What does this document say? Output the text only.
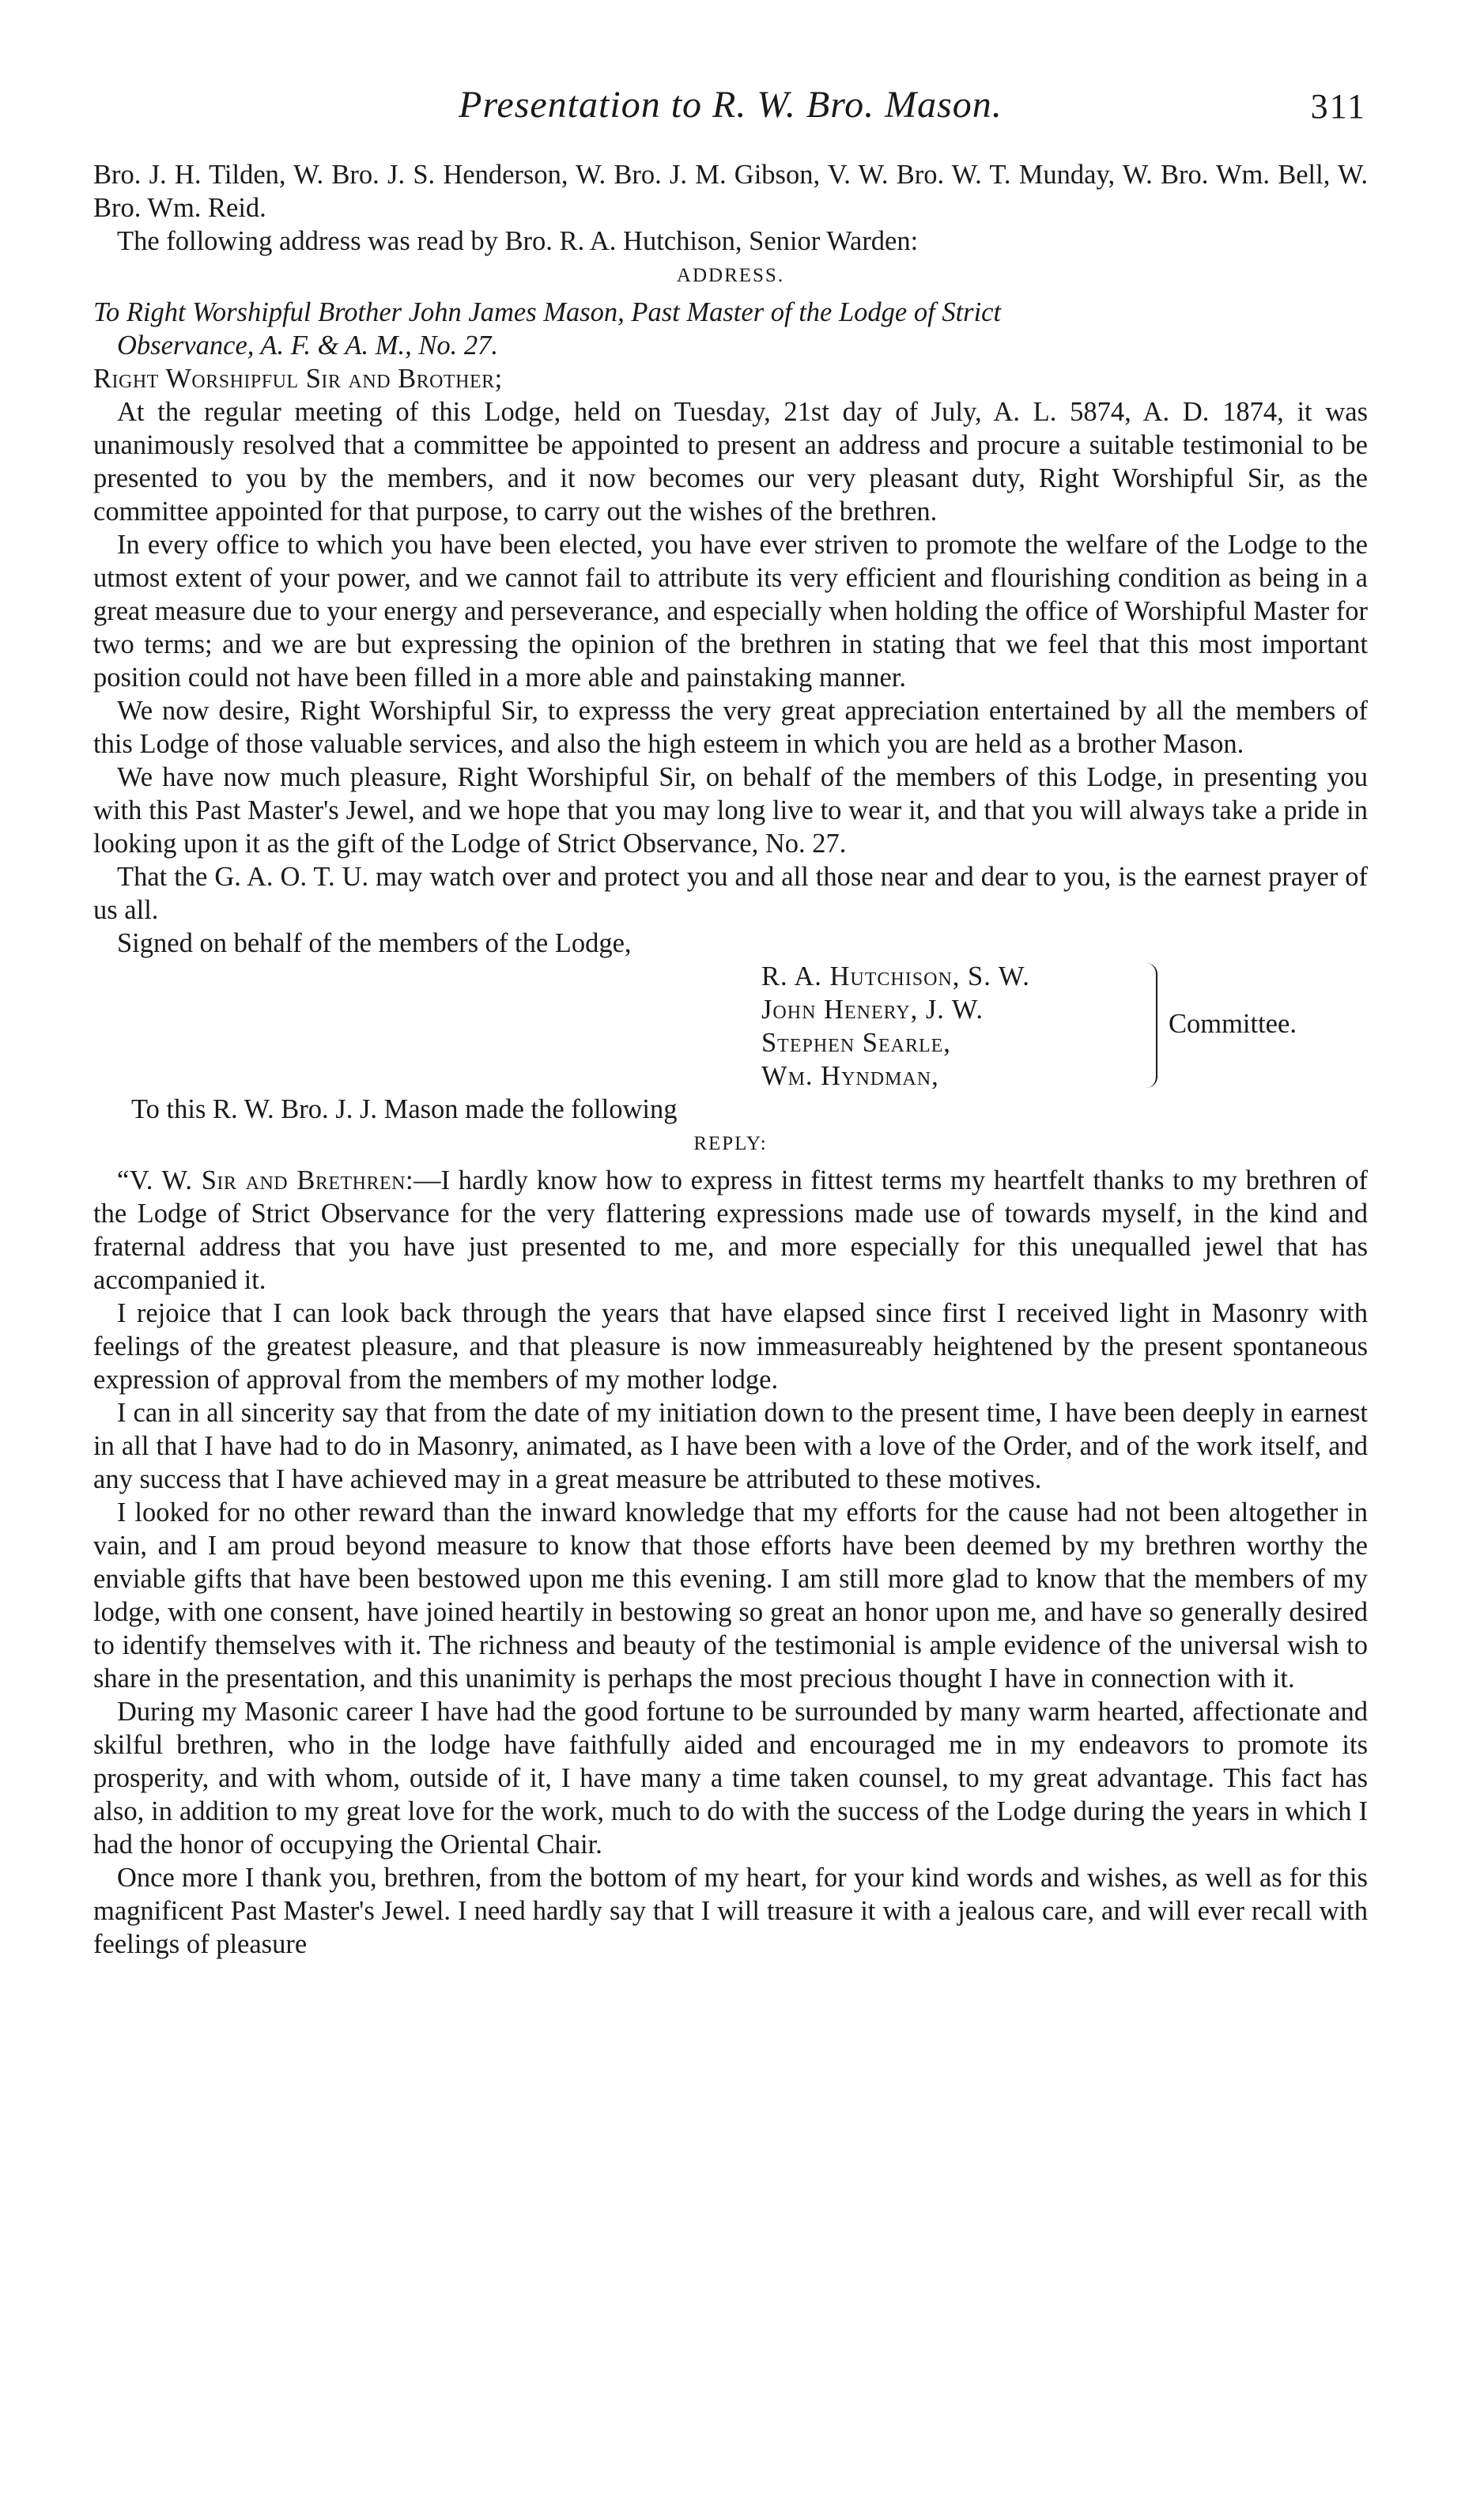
Presentation to R. W. Bro. Mason.	311

Bro. J. H. Tilden, W. Bro. J. S. Henderson, W. Bro. J. M. Gibson, V. W. Bro. W. T. Munday, W. Bro. Wm. Bell, W. Bro. Wm. Reid.

The following address was read by Bro. R. A. Hutchison, Senior Warden:

ADDRESS.

To Right Worshipful Brother John James Mason, Past Master of the Lodge of Strict

Observance, A. F. & A. M., No. 27.

Right Worshipful Sir and Brother;

At the regular meeting of this Lodge, held on Tuesday, 21st day of July, A. L. 5874, A. D. 1874, it was unanimously resolved that a committee be appointed to present an address and procure a suitable testimonial to be presented to you by the members, and it now becomes our very pleasant duty, Right Worshipful Sir, as the committee appointed for that purpose, to carry out the wishes of the brethren.

In every office to which you have been elected, you have ever striven to promote the welfare of the Lodge to the utmost extent of your power, and we cannot fail to attribute its very efficient and flourishing condition as being in a great measure due to your energy and perseverance, and especially when holding the office of Worshipful Master for two terms; and we are but expressing the opinion of the brethren in stating that we feel that this most important position could not have been filled in a more able and painstaking manner.

We now desire, Right Worshipful Sir, to expresss the very great appreciation entertained by all the members of this Lodge of those valuable services, and also the high esteem in which you are held as a brother Mason.

We have now much pleasure, Right Worshipful Sir, on behalf of the members of this Lodge, in presenting you with this Past Master's Jewel, and we hope that you may long live to wear it, and that you will always take a pride in looking upon it as the gift of the Lodge of Strict Observance, No. 27.

That the G. A. O. T. U. may watch over and protect you and all those near and dear to you, is the earnest prayer of us all.

Signed on behalf of the members of the Lodge,

R. A. Hutchison, S. W.
John Henery, J. W.
Stephen Searle,
Wm. Hyndman,
Committee.

To this R. W. Bro. J. J. Mason made the following

REPLY:

“V. W. Sir and Brethren:—I hardly know how to express in fittest terms my heartfelt thanks to my brethren of the Lodge of Strict Observance for the very flattering expressions made use of towards myself, in the kind and fraternal address that you have just presented to me, and more especially for this unequalled jewel that has accompanied it.

I rejoice that I can look back through the years that have elapsed since first I received light in Masonry with feelings of the greatest pleasure, and that pleasure is now immeasureably heightened by the present spontaneous expression of approval from the members of my mother lodge.

I can in all sincerity say that from the date of my initiation down to the present time, I have been deeply in earnest in all that I have had to do in Masonry, animated, as I have been with a love of the Order, and of the work itself, and any success that I have achieved may in a great measure be attributed to these motives.

I looked for no other reward than the inward knowledge that my efforts for the cause had not been altogether in vain, and I am proud beyond measure to know that those efforts have been deemed by my brethren worthy the enviable gifts that have been bestowed upon me this evening. I am still more glad to know that the members of my lodge, with one consent, have joined heartily in bestowing so great an honor upon me, and have so generally desired to identify themselves with it. The richness and beauty of the testimonial is ample evidence of the universal wish to share in the presentation, and this unanimity is perhaps the most precious thought I have in connection with it.

During my Masonic career I have had the good fortune to be surrounded by many warm hearted, affectionate and skilful brethren, who in the lodge have faithfully aided and encouraged me in my endeavors to promote its prosperity, and with whom, outside of it, I have many a time taken counsel, to my great advantage. This fact has also, in addition to my great love for the work, much to do with the success of the Lodge during the years in which I had the honor of occupying the Oriental Chair.

Once more I thank you, brethren, from the bottom of my heart, for your kind words and wishes, as well as for this magnificent Past Master's Jewel. I need hardly say that I will treasure it with a jealous care, and will ever recall with feelings of pleasure
